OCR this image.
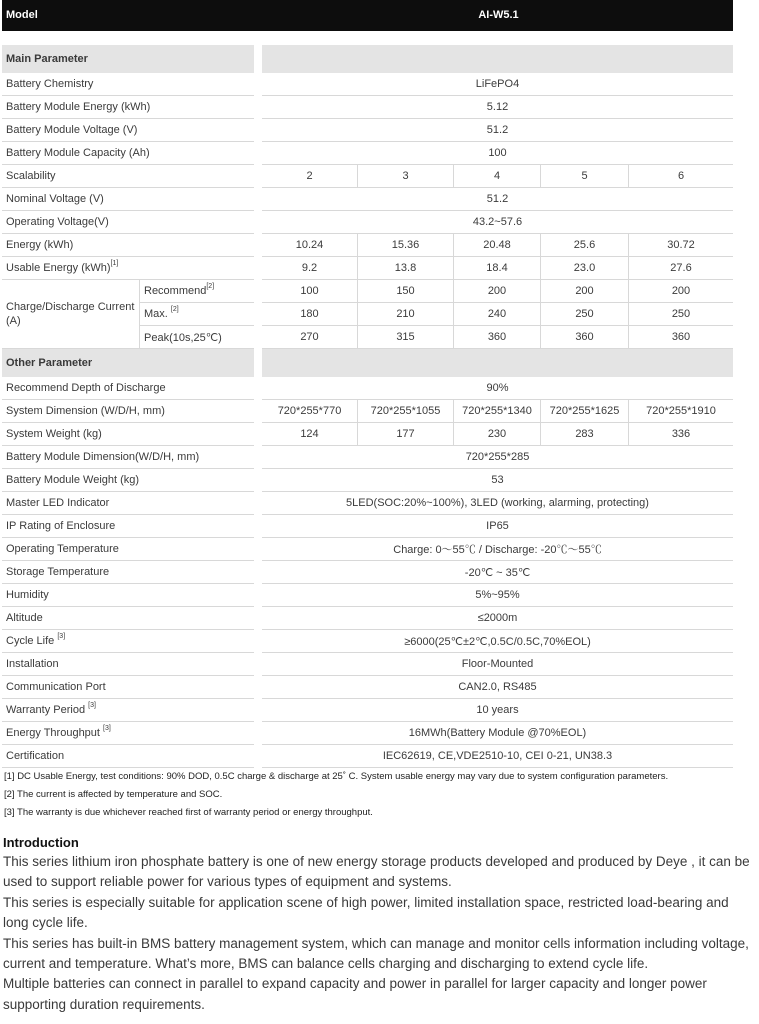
Model	AI-W5.1
Main Parameter							
Battery Chemistry			LiFePO4				
Battery Module Energy (kWh)			5.12				
Battery Module Voltage (V)			51.2				
Battery Module Capacity (Ah)			100				
Scalability			2	3	4	5	6
Nominal Voltage (V)			51.2				
Operating Voltage(V)			43.2~57.6				
Energy (kWh)			10.24	15.36	20.48	25.6	30.72
Usable Energy (kWh)[1]			9.2	13.8	18.4	23.0	27.6
Charge/Discharge Current (A)	Recommend[2]		100	150	200	200	200
	Max. [2]		180	210	240	250	250
	Peak(10s,25℃)		270	315	360	360	360
Other Parameter							
Recommend Depth of Discharge			90%				
System Dimension (W/D/H, mm)			720*255*770	720*255*1055	720*255*1340	720*255*1625	720*255*1910
System Weight (kg)			124	177	230	283	336
Battery Module Dimension(W/D/H, mm)			720*255*285				
Battery Module Weight (kg)			53				
Master LED Indicator			5LED(SOC:20%~100%), 3LED (working, alarming, protecting)				
IP Rating of Enclosure			IP65				
Operating Temperature			Charge: 0～55℃ / Discharge: -20℃～55℃				
Storage Temperature			-20℃ ~ 35℃				
Humidity			5%~95%				
Altitude			≤2000m				
Cycle Life [3]			≥6000(25℃±2℃,0.5C/0.5C,70%EOL)				
Installation			Floor-Mounted				
Communication Port			CAN2.0, RS485				
Warranty Period [3]			10 years				
Energy Throughput [3]			16MWh(Battery Module @70%EOL)				
Certification			IEC62619, CE,VDE2510-10, CEI 0-21, UN38.3				
[1] DC Usable Energy, test conditions: 90% DOD, 0.5C charge & discharge at 25˚ C. System usable energy may vary due to system configuration parameters.
[2] The current is affected by temperature and SOC.
[3] The warranty is due whichever reached first of warranty period or energy throughput.
Introduction

This series lithium iron phosphate battery is one of new energy storage products developed and produced by Deye , it can be used to support reliable power for various types of equipment and systems.

This series is especially suitable for application scene of high power, limited installation space, restricted load-bearing and long cycle life.

This series has built-in BMS battery management system, which can manage and monitor cells information including voltage, current and temperature. What’s more, BMS can balance cells charging and discharging to extend cycle life.

Multiple batteries can connect in parallel to expand capacity and power in parallel for larger capacity and longer power supporting duration requirements.
